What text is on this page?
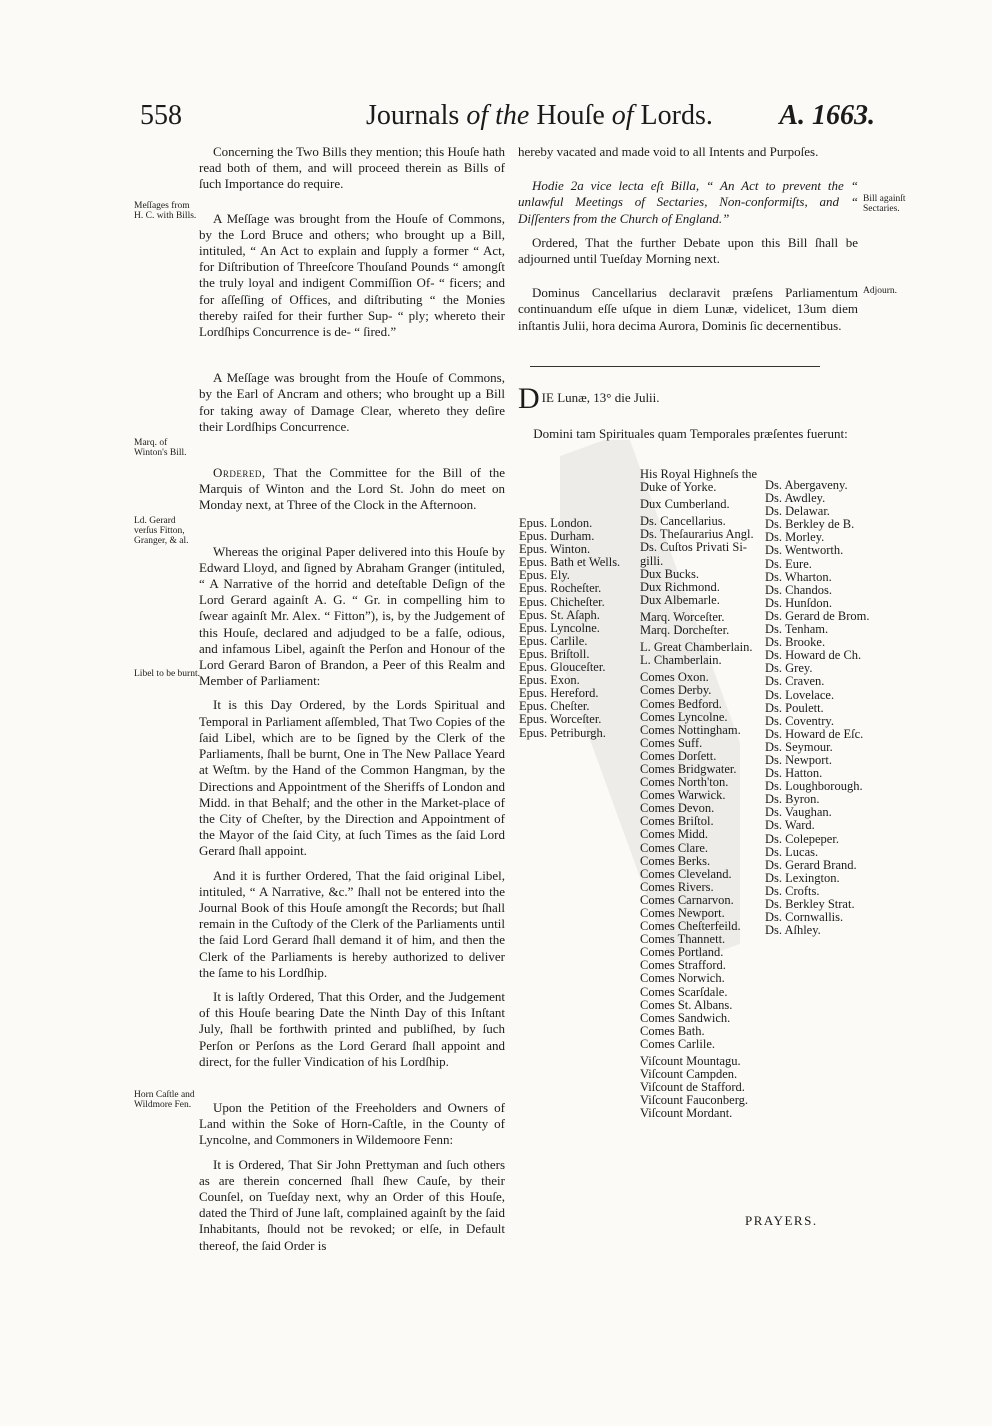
558	Journals of the Houſe of Lords. A. 1663.
Meſſages from H. C. with Bills.
Marq. of Winton's Bill.
Ld. Gerard verſus Fitton, Granger, & al.
Libel to be burnt.
Horn Caſtle and Wildmore Fen.
Bill againſt Sectaries.
Adjourn.

Concerning the Two Bills they mention; this Houſe hath read both of them, and will proceed therein as Bills of ſuch Importance do require.

A Meſſage was brought from the Houſe of Commons, by the Lord Bruce and others; who brought up a Bill, intituled, “ An Act to explain and ſupply a former “ Act, for Diſtribution of Threeſcore Thouſand Pounds “ amongſt the truly loyal and indigent Commiſſion Of- “ ficers; and for aſſeſſing of Offices, and diſtributing “ the Monies thereby raiſed for their further Sup- “ ply; whereto their Lordſhips Concurrence is de- “ ſired.”

A Meſſage was brought from the Houſe of Commons, by the Earl of Ancram and others; who brought up a Bill for taking away of Damage Clear, whereto they deſire their Lordſhips Concurrence.

Ordered, That the Committee for the Bill of the Marquis of Winton and the Lord St. John do meet on Monday next, at Three of the Clock in the Afternoon.

Whereas the original Paper delivered into this Houſe by Edward Lloyd, and ſigned by Abraham Granger (intituled, “ A Narrative of the horrid and deteſtable Deſign of the Lord Gerard againſt A. G. “ Gr. in compelling him to ſwear againſt Mr. Alex. “ Fitton”), is, by the Judgement of this Houſe, declared and adjudged to be a falſe, odious, and infamous Libel, againſt the Perſon and Honour of the Lord Gerard Baron of Brandon, a Peer of this Realm and Member of Parliament:

It is this Day Ordered, by the Lords Spiritual and Temporal in Parliament aſſembled, That Two Copies of the ſaid Libel, which are to be ſigned by the Clerk of the Parliaments, ſhall be burnt, One in The New Pallace Yeard at Weſtm. by the Hand of the Common Hangman, by the Directions and Appointment of the Sheriffs of London and Midd. in that Behalf; and the other in the Market-place of the City of Cheſter, by the Direction and Appointment of the Mayor of the ſaid City, at ſuch Times as the ſaid Lord Gerard ſhall appoint.

And it is further Ordered, That the ſaid original Libel, intituled, “ A Narrative, &c.” ſhall not be entered into the Journal Book of this Houſe amongſt the Records; but ſhall remain in the Cuſtody of the Clerk of the Parliaments until the ſaid Lord Gerard ſhall demand it of him, and then the Clerk of the Parliaments is hereby authorized to deliver the ſame to his Lordſhip.

It is laſtly Ordered, That this Order, and the Judgement of this Houſe bearing Date the Ninth Day of this Inſtant July, ſhall be forthwith printed and publiſhed, by ſuch Perſon or Perſons as the Lord Gerard ſhall appoint and direct, for the fuller Vindication of his Lordſhip.

Upon the Petition of the Freeholders and Owners of Land within the Soke of Horn-Caſtle, in the County of Lyncolne, and Commoners in Wildemoore Fenn:

It is Ordered, That Sir John Prettyman and ſuch others as are therein concerned ſhall ſhew Cauſe, by their Counſel, on Tueſday next, why an Order of this Houſe, dated the Third of June laſt, complained againſt by the ſaid Inhabitants, ſhould not be revoked; or elſe, in Default thereof, the ſaid Order is

hereby vacated and made void to all Intents and Purpoſes.

Hodie 2a vice lecta eſt Billa, “ An Act to prevent the “ unlawful Meetings of Sectaries, Non-conformiſts, and “ Diſſenters from the Church of England.”

Ordered, That the further Debate upon this Bill ſhall be adjourned until Tueſday Morning next.

Dominus Cancellarius declaravit præſens Parliamentum continuandum eſſe uſque in diem Lunæ, videlicet, 13um diem inſtantis Julii, hora decima Aurora, Dominis ſic decernentibus.

DIE Lunæ, 13° die Julii.
Domini tam Spirituales quam Temporales præſentes fuerunt:
Epus. London.
Epus. Durham.
Epus. Winton.
Epus. Bath et Wells.
Epus. Ely.
Epus. Rocheſter.
Epus. Chicheſter.
Epus. St. Aſaph.
Epus. Lyncolne.
Epus. Carlile.
Epus. Briſtoll.
Epus. Glouceſter.
Epus. Exon.
Epus. Hereford.
Epus. Cheſter.
Epus. Worceſter.
Epus. Petriburgh.
His Royal Highneſs the
Duke of Yorke.

Dux Cumberland.

Ds. Cancellarius.
Ds. Theſaurarius Angl.
Ds. Cuſtos Privati Si-
gilli.
Dux Bucks.
Dux Richmond.
Dux Albemarle.

Marq. Worceſter.
Marq. Dorcheſter.

L. Great Chamberlain.
L. Chamberlain.

Comes Oxon.
Comes Derby.
Comes Bedford.
Comes Lyncolne.
Comes Nottingham.
Comes Suff.
Comes Dorſett.
Comes Bridgwater.
Comes North'ton.
Comes Warwick.
Comes Devon.
Comes Briſtol.
Comes Midd.
Comes Clare.
Comes Berks.
Comes Cleveland.
Comes Rivers.
Comes Carnarvon.
Comes Newport.
Comes Cheſterfeild.
Comes Thannett.
Comes Portland.
Comes Strafford.
Comes Norwich.
Comes Scarſdale.
Comes St. Albans.
Comes Sandwich.
Comes Bath.
Comes Carlile.

Viſcount Mountagu.
Viſcount Campden.
Viſcount de Stafford.
Viſcount Fauconberg.
Viſcount Mordant.
Ds. Abergaveny.
Ds. Awdley.
Ds. Delawar.
Ds. Berkley de B.
Ds. Morley.
Ds. Wentworth.
Ds. Eure.
Ds. Wharton.
Ds. Chandos.
Ds. Hunſdon.
Ds. Gerard de Brom.
Ds. Tenham.
Ds. Brooke.
Ds. Howard de Ch.
Ds. Grey.
Ds. Craven.
Ds. Lovelace.
Ds. Poulett.
Ds. Coventry.
Ds. Howard de Eſc.
Ds. Seymour.
Ds. Newport.
Ds. Hatton.
Ds. Loughborough.
Ds. Byron.
Ds. Vaughan.
Ds. Ward.
Ds. Colepeper.
Ds. Lucas.
Ds. Gerard Brand.
Ds. Lexington.
Ds. Crofts.
Ds. Berkley Strat.
Ds. Cornwallis.
Ds. Aſhley.
PRAYERS.
